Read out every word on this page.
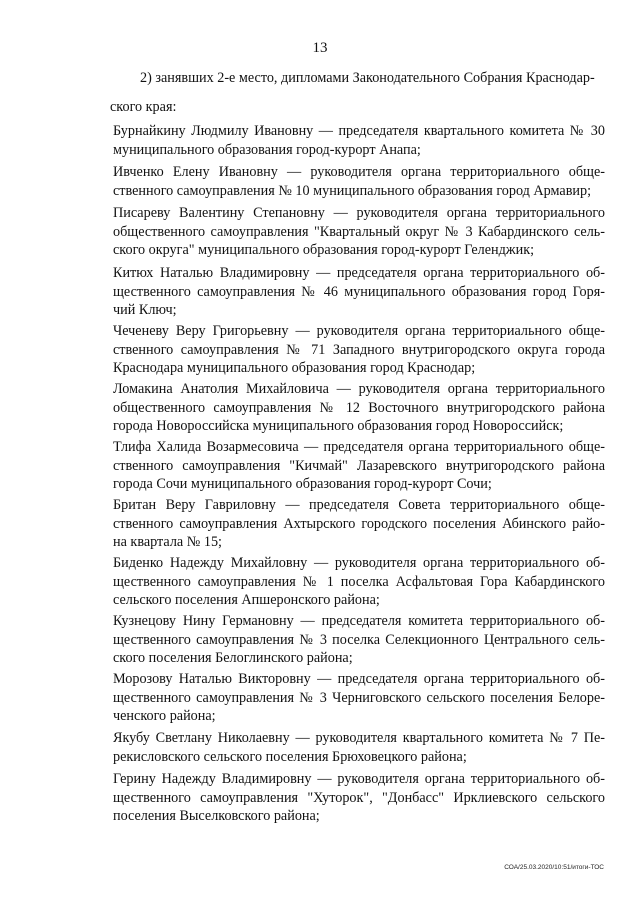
13
2) занявших 2-е место, дипломами Законодательного Собрания Краснодар-
ского края:
Бурнайкину Людмилу Ивановну — председателя квартального комитета № 30
муниципального образования город-курорт Анапа;
Ивченко Елену Ивановну — руководителя органа территориального обще-
ственного самоуправления № 10 муниципального образования город Армавир;
Писареву Валентину Степановну — руководителя органа территориального
общественного самоуправления "Квартальный округ № 3 Кабардинского сель-
ского округа" муниципального образования город-курорт Геленджик;
Китюх Наталью Владимировну — председателя органа территориального об-
щественного самоуправления № 46 муниципального образования город Горя-
чий Ключ;
Чеченеву Веру Григорьевну — руководителя органа территориального обще-
ственного самоуправления № 71 Западного внутригородского округа города
Краснодара муниципального образования город Краснодар;
Ломакина Анатолия Михайловича — руководителя органа территориального
общественного самоуправления № 12 Восточного внутригородского района
города Новороссийска муниципального образования город Новороссийск;
Тлифа Халида Возармесовича — председателя органа территориального обще-
ственного самоуправления "Кичмай" Лазаревского внутригородского района
города Сочи муниципального образования город-курорт Сочи;
Британ Веру Гавриловну — председателя Совета территориального обще-
ственного самоуправления Ахтырского городского поселения Абинского райо-
на квартала № 15;
Биденко Надежду Михайловну — руководителя органа территориального об-
щественного самоуправления № 1 поселка Асфальтовая Гора Кабардинского
сельского поселения Апшеронского района;
Кузнецову Нину Германовну — председателя комитета территориального об-
щественного самоуправления № 3 поселка Селекционного Центрального сель-
ского поселения Белоглинского района;
Морозову Наталью Викторовну — председателя органа территориального об-
щественного самоуправления № 3 Черниговского сельского поселения Белоре-
ченского района;
Якубу Светлану Николаевну — руководителя квартального комитета № 7 Пе-
рекисловского сельского поселения Брюховецкого района;
Герину Надежду Владимировну — руководителя органа территориального об-
щественного самоуправления "Хуторок", "Донбасс" Ирклиевского сельского
поселения Выселковского района;
СОА/25.03.2020/10:51/итоги-ТОС
